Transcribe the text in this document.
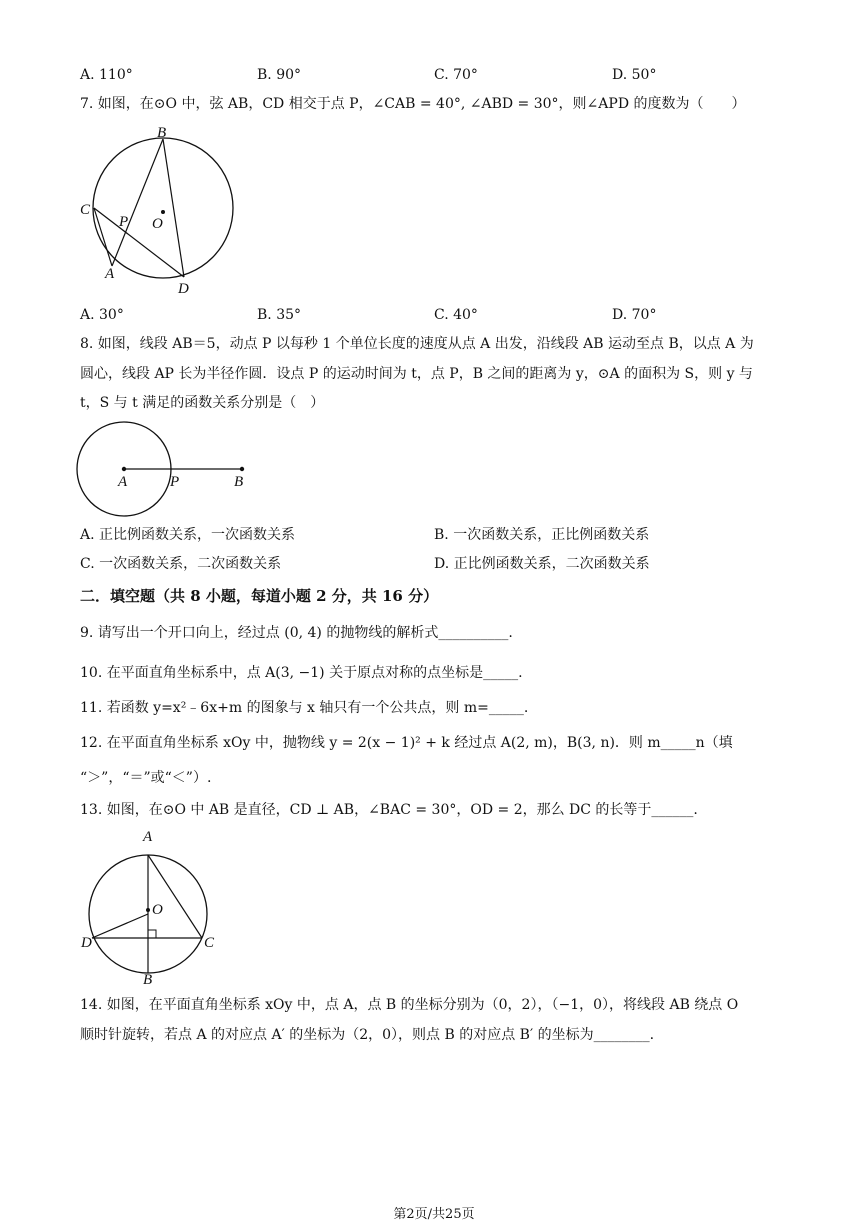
A. 110°	B. 90°	C. 70°	D. 50°
7. 如图，在⊙O 中，弦 AB，CD 相交于点 P，∠CAB = 40°, ∠ABD = 30°，则∠APD 的度数为（　　）
B
C
P O
A
D
A. 30°	B. 35°	C. 40°	D. 70°
8. 如图，线段 AB＝5，动点 P 以每秒 1 个单位长度的速度从点 A 出发，沿线段 AB 运动至点 B，以点 A 为
圆心，线段 AP 长为半径作圆．设点 P 的运动时间为 t，点 P，B 之间的距离为 y，⊙A 的面积为 S，则 y 与
t，S 与 t 满足的函数关系分别是（　）
A	P	B
A. 正比例函数关系，一次函数关系	B. 一次函数关系，正比例函数关系
C. 一次函数关系，二次函数关系	D. 正比例函数关系，二次函数关系
二．填空题（共 8 小题，每道小题 2 分，共 16 分）
9. 请写出一个开口向上，经过点 (0, 4) 的抛物线的解析式__________.
10. 在平面直角坐标系中，点 A(3, −1) 关于原点对称的点坐标是_____.
11. 若函数 y=x²﹣6x+m 的图象与 x 轴只有一个公共点，则 m=_____.
12. 在平面直角坐标系 xOy 中，抛物线 y = 2(x − 1)² + k 经过点 A(2, m)，B(3, n)．则 m_____n（填
“＞”，“＝”或“＜”）.
13. 如图，在⊙O 中 AB 是直径，CD ⊥ AB，∠BAC = 30°，OD = 2，那么 DC 的长等于______.
A
O
D	C
B
14. 如图，在平面直角坐标系 xOy 中，点 A，点 B 的坐标分别为（0，2），（−1，0），将线段 AB 绕点 O
顺时针旋转，若点 A 的对应点 A′ 的坐标为（2，0），则点 B 的对应点 B′ 的坐标为________.
第2页/共25页
